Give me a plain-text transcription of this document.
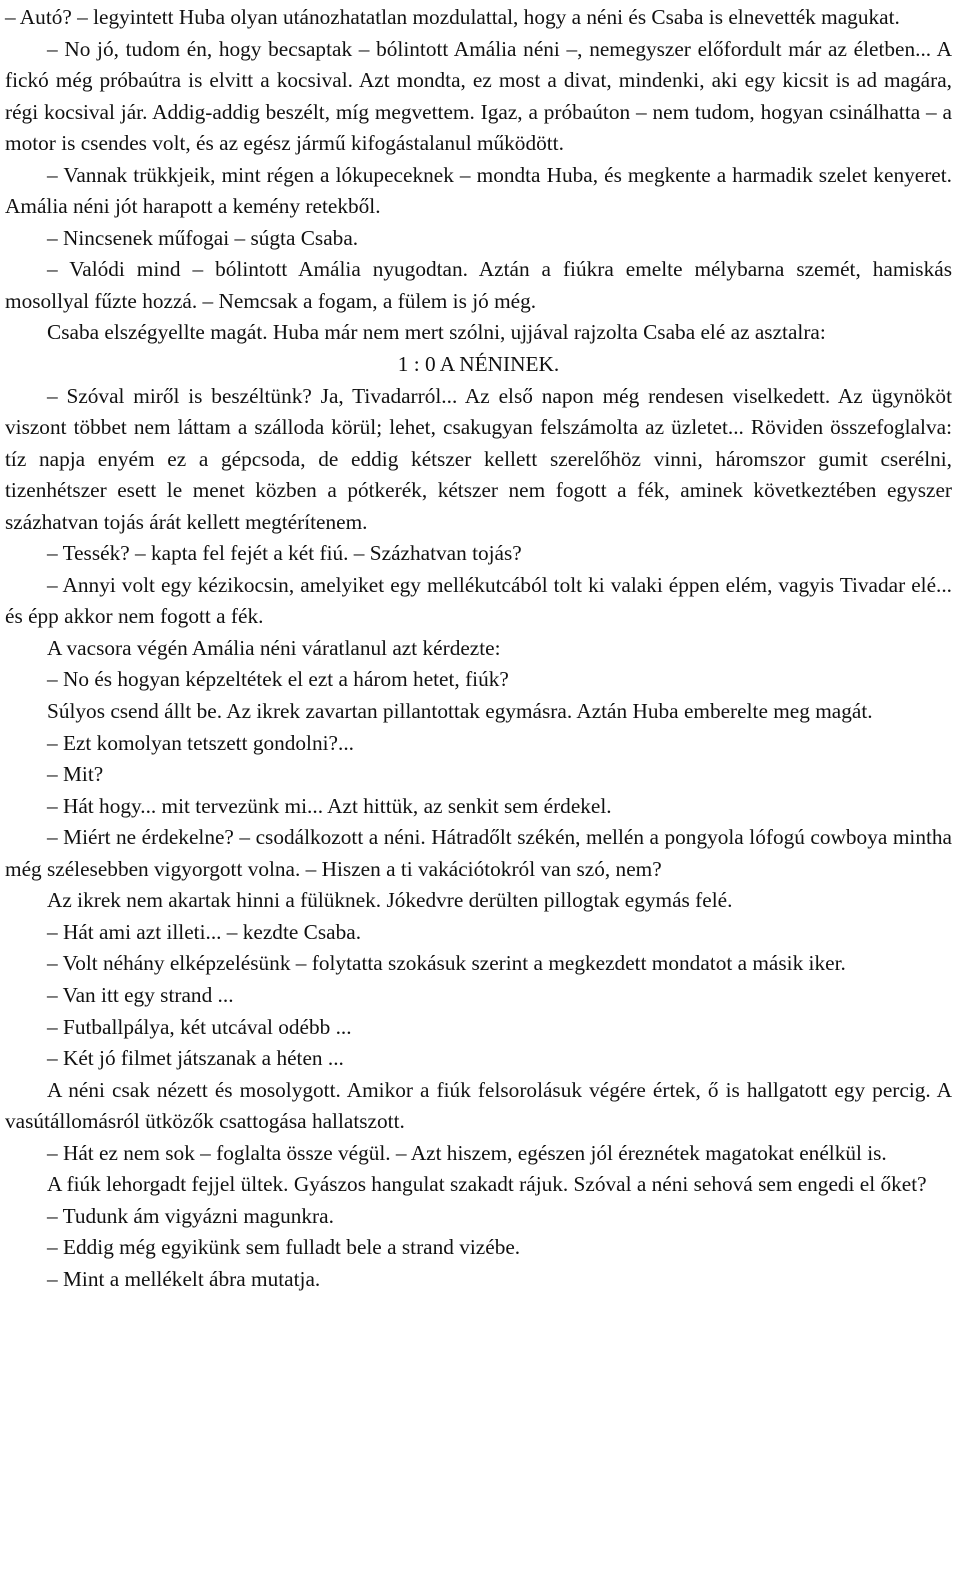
– Autó? – legyintett Huba olyan utánozhatatlan mozdulattal, hogy a néni és Csaba is elnevették magukat.

– No jó, tudom én, hogy becsaptak – bólintott Amália néni –, nemegyszer előfordult már az életben... A fickó még próbaútra is elvitt a kocsival. Azt mondta, ez most a divat, mindenki, aki egy kicsit is ad magára, régi kocsival jár. Addig-addig beszélt, míg megvettem. Igaz, a próbaúton – nem tudom, hogyan csinálhatta – a motor is csendes volt, és az egész jármű kifogástalanul működött.

– Vannak trükkjeik, mint régen a lókupeceknek – mondta Huba, és megkente a harmadik szelet kenyeret. Amália néni jót harapott a kemény retekből.

– Nincsenek műfogai – súgta Csaba.

– Valódi mind – bólintott Amália nyugodtan. Aztán a fiúkra emelte mélybarna szemét, hamiskás mosollyal fűzte hozzá. – Nemcsak a fogam, a fülem is jó még.

Csaba elszégyellte magát. Huba már nem mert szólni, ujjával rajzolta Csaba elé az asztalra:

1 : 0 A NÉNINEK.

– Szóval miről is beszéltünk? Ja, Tivadarról... Az első napon még rendesen viselkedett. Az ügynököt viszont többet nem láttam a szálloda körül; lehet, csakugyan felszámolta az üzletet... Röviden összefoglalva: tíz napja enyém ez a gépcsoda, de eddig kétszer kellett szerelőhöz vinni, háromszor gumit cserélni, tizenhétszer esett le menet közben a pótkerék, kétszer nem fogott a fék, aminek következtében egyszer százhatvan tojás árát kellett megtérítenem.

– Tessék? – kapta fel fejét a két fiú. – Százhatvan tojás?

– Annyi volt egy kézikocsin, amelyiket egy mellékutcából tolt ki valaki éppen elém, vagyis Tivadar elé... és épp akkor nem fogott a fék.

A vacsora végén Amália néni váratlanul azt kérdezte:

– No és hogyan képzeltétek el ezt a három hetet, fiúk?

Súlyos csend állt be. Az ikrek zavartan pillantottak egymásra. Aztán Huba emberelte meg magát.

– Ezt komolyan tetszett gondolni?...

– Mit?

– Hát hogy... mit tervezünk mi... Azt hittük, az senkit sem érdekel.

– Miért ne érdekelne? – csodálkozott a néni. Hátradőlt székén, mellén a pongyola lófogú cowboya mintha még szélesebben vigyorgott volna. – Hiszen a ti vakációtokról van szó, nem?

Az ikrek nem akartak hinni a fülüknek. Jókedvre derülten pillogtak egymás felé.

– Hát ami azt illeti... – kezdte Csaba.

– Volt néhány elképzelésünk – folytatta szokásuk szerint a megkezdett mondatot a másik iker.

– Van itt egy strand ...

– Futballpálya, két utcával odébb ...

– Két jó filmet játszanak a héten ...

A néni csak nézett és mosolygott. Amikor a fiúk felsorolásuk végére értek, ő is hallgatott egy percig. A vasútállomásról ütközők csattogása hallatszott.

– Hát ez nem sok – foglalta össze végül. – Azt hiszem, egészen jól éreznétek magatokat enélkül is.

A fiúk lehorgadt fejjel ültek. Gyászos hangulat szakadt rájuk. Szóval a néni sehová sem engedi el őket?

– Tudunk ám vigyázni magunkra.

– Eddig még egyikünk sem fulladt bele a strand vizébe.

– Mint a mellékelt ábra mutatja.
